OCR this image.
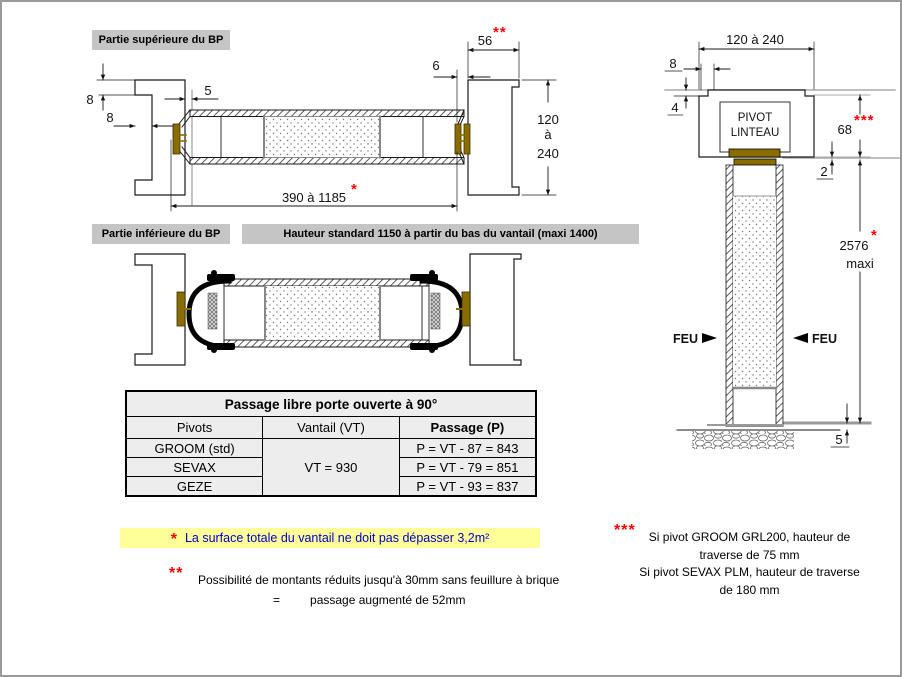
8
8
5
6
56 **
120
à
240
390 à 1185 *
PIVOT
LINTEAU
FEU	FEU
120 à 240
8
4
68
***
2
2576
*
maxi
5
Partie supérieure du BP
Partie inférieure du BP	Hauteur standard 1150 à partir du bas du vantail (maxi 1400)
Passage libre porte ouverte à 90°		
Pivots	Vantail (VT)	Passage (P)
GROOM (std)	VT = 930	P = VT - 87 = 843
SEVAX		P = VT - 79 = 851
GEZE		P = VT - 93 = 837
* La surface totale du vantail ne doit pas dépasser 3,2m²
** Possibilité de montants réduits jusqu'à 30mm sans feuillure à brique
=	passage augmenté de 52mm
***	Si pivot GROOM GRL200, hauteur de
traverse de 75 mm
Si pivot SEVAX PLM, hauteur de traverse
de 180 mm
